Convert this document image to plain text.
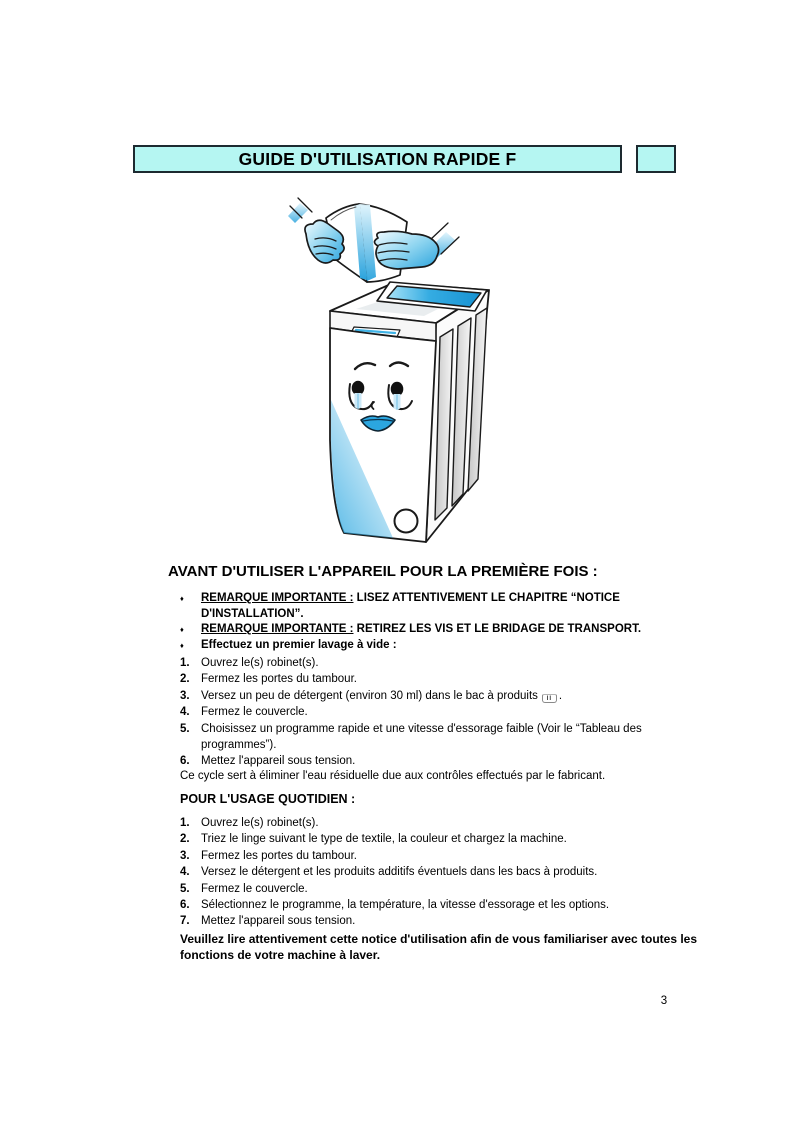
GUIDE D'UTILISATION RAPIDE F
AVANT D'UTILISER L'APPAREIL POUR LA PREMIÈRE FOIS :
♦	REMARQUE IMPORTANTE : LISEZ ATTENTIVEMENT LE CHAPITRE “NOTICE D'INSTALLATION”.
♦	REMARQUE IMPORTANTE : RETIREZ LES VIS ET LE BRIDAGE DE TRANSPORT.
♦	Effectuez un premier lavage à vide :
1. Ouvrez le(s) robinet(s).
2. Fermez les portes du tambour.
3. Versez un peu de détergent (environ 30 ml) dans le bac à produits II .
4. Fermez le couvercle.
5. Choisissez un programme rapide et une vitesse d'essorage faible (Voir le “Tableau des programmes”).
6. Mettez l'appareil sous tension.

Ce cycle sert à éliminer l'eau résiduelle due aux contrôles effectués par le fabricant.

POUR L'USAGE QUOTIDIEN :
1. Ouvrez le(s) robinet(s).
2. Triez le linge suivant le type de textile, la couleur et chargez la machine.
3. Fermez les portes du tambour.
4. Versez le détergent et les produits additifs éventuels dans les bacs à produits.
5. Fermez le couvercle.
6. Sélectionnez le programme, la température, la vitesse d'essorage et les options.
7. Mettez l'appareil sous tension.

Veuillez lire attentivement cette notice d'utilisation afin de vous familiariser avec toutes les fonctions de votre machine à laver.

3
